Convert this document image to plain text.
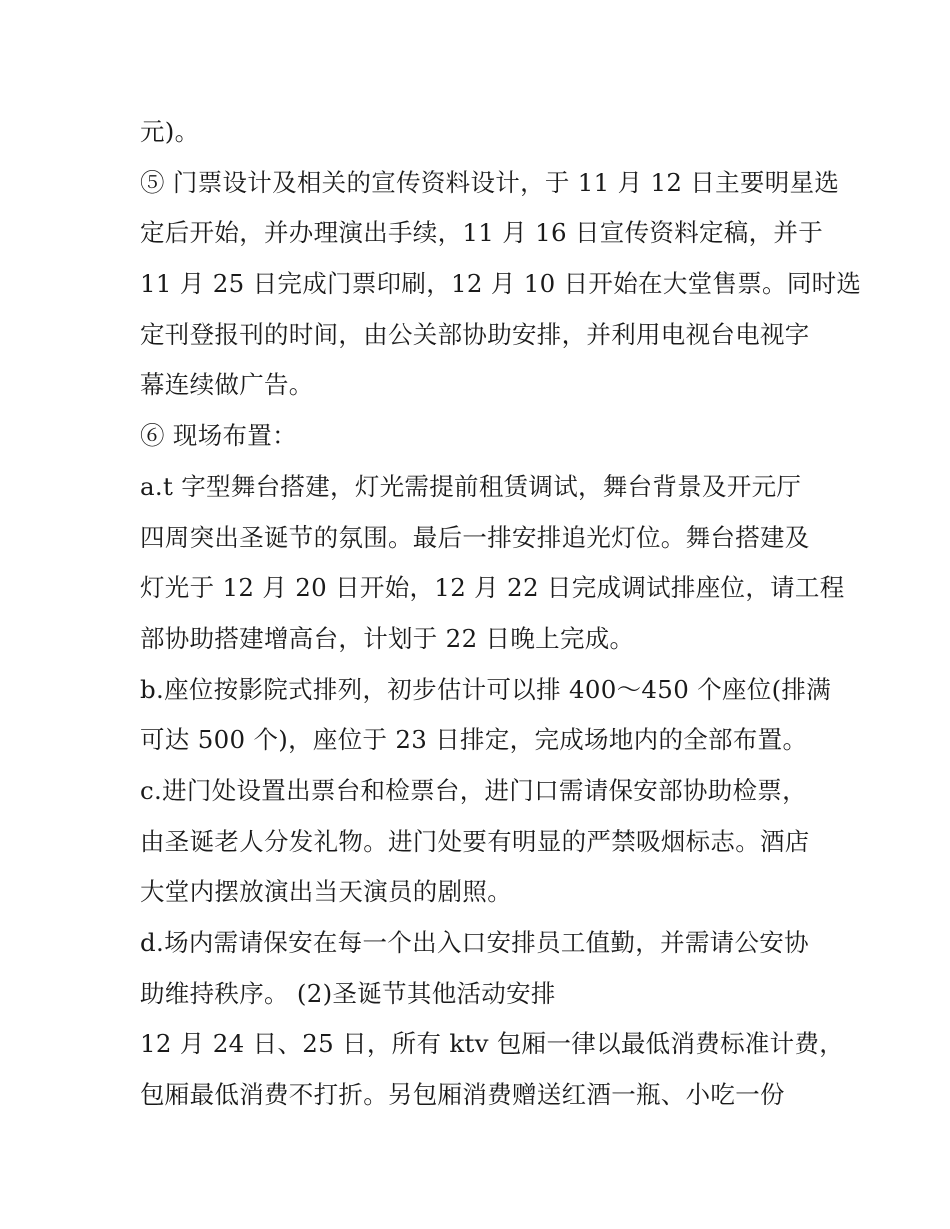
元)。
⑤ 门票设计及相关的宣传资料设计，于 11 月 12 日主要明星选
定后开始，并办理演出手续，11 月 16 日宣传资料定稿，并于
11 月 25 日完成门票印刷，12 月 10 日开始在大堂售票。同时选
定刊登报刊的时间，由公关部协助安排，并利用电视台电视字
幕连续做广告。
⑥ 现场布置：
a.t 字型舞台搭建，灯光需提前租赁调试，舞台背景及开元厅
四周突出圣诞节的氛围。最后一排安排追光灯位。舞台搭建及
灯光于 12 月 20 日开始，12 月 22 日完成调试排座位，请工程
部协助搭建增高台，计划于 22 日晚上完成。
b.座位按影院式排列，初步估计可以排 400～450 个座位(排满
可达 500 个)，座位于 23 日排定，完成场地内的全部布置。
c.进门处设置出票台和检票台，进门口需请保安部协助检票，
由圣诞老人分发礼物。进门处要有明显的严禁吸烟标志。酒店
大堂内摆放演出当天演员的剧照。
d.场内需请保安在每一个出入口安排员工值勤，并需请公安协
助维持秩序。 (2)圣诞节其他活动安排
12 月 24 日、25 日，所有 ktv 包厢一律以最低消费标准计费，
包厢最低消费不打折。另包厢消费赠送红酒一瓶、小吃一份
